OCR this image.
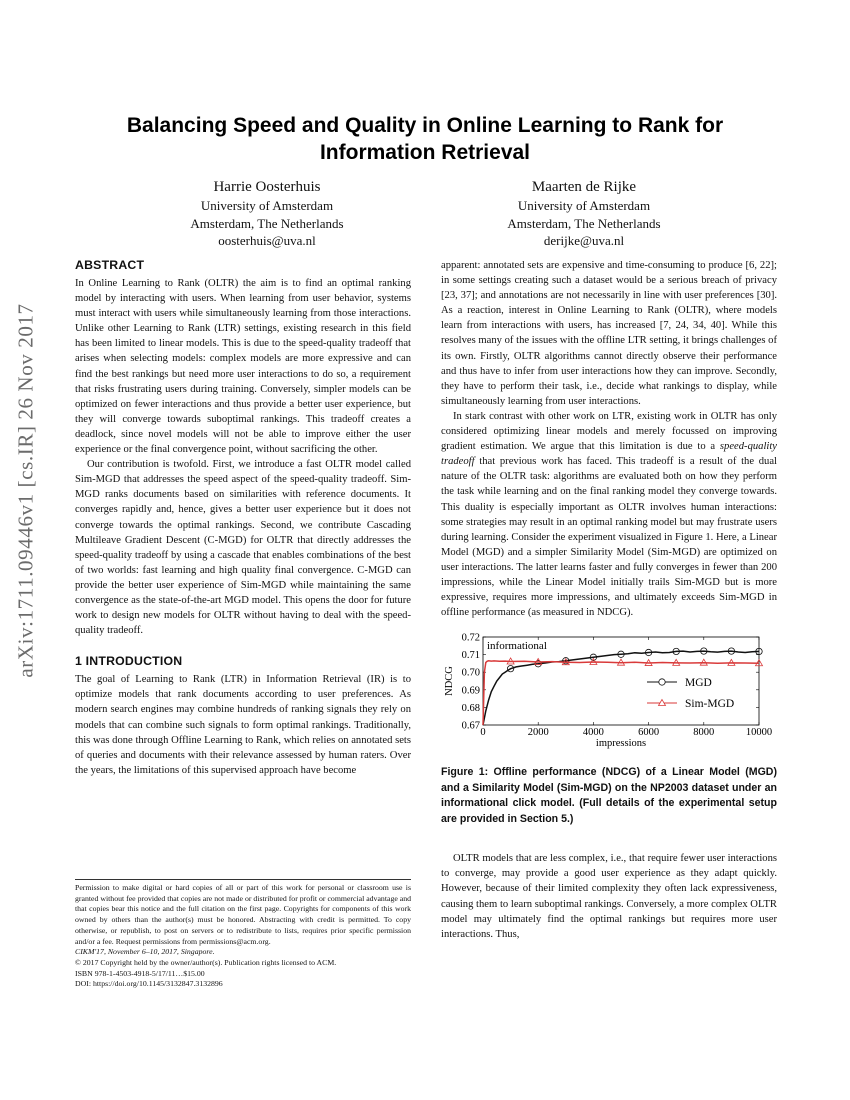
arXiv:1711.09446v1 [cs.IR] 26 Nov 2017
Balancing Speed and Quality in Online Learning to Rank for Information Retrieval
Harrie Oosterhuis
University of Amsterdam
Amsterdam, The Netherlands
oosterhuis@uva.nl
Maarten de Rijke
University of Amsterdam
Amsterdam, The Netherlands
derijke@uva.nl
ABSTRACT

In Online Learning to Rank (OLTR) the aim is to find an optimal ranking model by interacting with users. When learning from user behavior, systems must interact with users while simultaneously learning from those interactions. Unlike other Learning to Rank (LTR) settings, existing research in this field has been limited to linear models. This is due to the speed-quality tradeoff that arises when selecting models: complex models are more expressive and can find the best rankings but need more user interactions to do so, a requirement that risks frustrating users during training. Conversely, simpler models can be optimized on fewer interactions and thus provide a better user experience, but they will converge towards suboptimal rankings. This tradeoff creates a deadlock, since novel models will not be able to improve either the user experience or the final convergence point, without sacrificing the other.

Our contribution is twofold. First, we introduce a fast OLTR model called Sim-MGD that addresses the speed aspect of the speed-quality tradeoff. Sim-MGD ranks documents based on similarities with reference documents. It converges rapidly and, hence, gives a better user experience but it does not converge towards the optimal rankings. Second, we contribute Cascading Multileave Gradient Descent (C-MGD) for OLTR that directly addresses the speed-quality tradeoff by using a cascade that enables combinations of the best of two worlds: fast learning and high quality final convergence. C-MGD can provide the better user experience of Sim-MGD while maintaining the same convergence as the state-of-the-art MGD model. This opens the door for future work to design new models for OLTR without having to deal with the speed-quality tradeoff.

1 INTRODUCTION

The goal of Learning to Rank (LTR) in Information Retrieval (IR) is to optimize models that rank documents according to user preferences. As modern search engines may combine hundreds of ranking signals they rely on models that can combine such signals to form optimal rankings. Traditionally, this was done through Offline Learning to Rank, which relies on annotated sets of queries and documents with their relevance assessed by human raters. Over the years, the limitations of this supervised approach have become

Permission to make digital or hard copies of all or part of this work for personal or classroom use is granted without fee provided that copies are not made or distributed for profit or commercial advantage and that copies bear this notice and the full citation on the first page. Copyrights for components of this work owned by others than the author(s) must be honored. Abstracting with credit is permitted. To copy otherwise, or republish, to post on servers or to redistribute to lists, requires prior specific permission and/or a fee. Request permissions from permissions@acm.org.
CIKM'17, November 6–10, 2017, Singapore.
© 2017 Copyright held by the owner/author(s). Publication rights licensed to ACM.
ISBN 978-1-4503-4918-5/17/11…$15.00
DOI: https://doi.org/10.1145/3132847.3132896

apparent: annotated sets are expensive and time-consuming to produce [6, 22]; in some settings creating such a dataset would be a serious breach of privacy [23, 37]; and annotations are not necessarily in line with user preferences [30]. As a reaction, interest in Online Learning to Rank (OLTR), where models learn from interactions with users, has increased [7, 24, 34, 40]. While this resolves many of the issues with the offline LTR setting, it brings challenges of its own. Firstly, OLTR algorithms cannot directly observe their performance and thus have to infer from user interactions how they can improve. Secondly, they have to perform their task, i.e., decide what rankings to display, while simultaneously learning from user interactions.

In stark contrast with other work on LTR, existing work in OLTR has only considered optimizing linear models and merely focussed on improving gradient estimation. We argue that this limitation is due to a speed-quality tradeoff that previous work has faced. This tradeoff is a result of the dual nature of the OLTR task: algorithms are evaluated both on how they perform the task while learning and on the final ranking model they converge towards. This duality is especially important as OLTR involves human interactions: some strategies may result in an optimal ranking model but may frustrate users during learning. Consider the experiment visualized in Figure 1. Here, a Linear Model (MGD) and a simpler Similarity Model (Sim-MGD) are optimized on user interactions. The latter learns faster and fully converges in fewer than 200 impressions, while the Linear Model initially trails Sim-MGD but is more expressive, requires more impressions, and ultimately exceeds Sim-MGD in offline performance (as measured in NDCG).

0	2000	4000	6000	8000	10000
0.67
0.68
0.69
0.70
0.71
0.72
impressions
NDCG
informational
MGD
Sim-MGD
Figure 1: Offline performance (NDCG) of a Linear Model (MGD) and a Similarity Model (Sim-MGD) on the NP2003 dataset under an informational click model. (Full details of the experimental setup are provided in Section 5.)

OLTR models that are less complex, i.e., that require fewer user interactions to converge, may provide a good user experience as they adapt quickly. However, because of their limited complexity they often lack expressiveness, causing them to learn suboptimal rankings. Conversely, a more complex OLTR model may ultimately find the optimal rankings but requires more user interactions. Thus,
